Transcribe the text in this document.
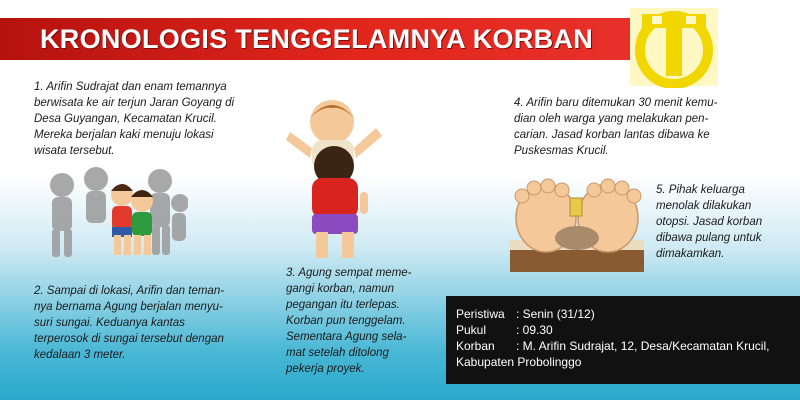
KRONOLOGIS TENGGELAMNYA KORBAN
1. Arifin Sudrajat dan enam temannya
berwisata ke air terjun Jaran Goyang di
Desa Guyangan, Kecamatan Krucil.
Mereka berjalan kaki menuju lokasi
wisata tersebut.
2. Sampai di lokasi, Arifin dan teman-
nya bernama Agung berjalan menyu-
suri sungai. Keduanya kantas
terperosok di sungai tersebut dengan
kedalaan 3 meter.
3. Agung sempat meme-
gangi korban, namun
pegangan itu terlepas.
Korban pun tenggelam.
Sementara Agung sela-
mat setelah ditolong
pekerja proyek.
4. Arifin baru ditemukan 30 menit kemu-
dian oleh warga yang melakukan pen-
carian. Jasad korban lantas dibawa ke
Puskesmas Krucil.
5. Pihak keluarga
menolak dilakukan
otopsi. Jasad korban
dibawa pulang untuk
dimakamkan.
Peristiwa : Senin (31/12)
Pukul	: 09.30
Korban	: M. Arifin Sudrajat, 12, Desa/Kecamatan Krucil,
Kabupaten Probolinggo
